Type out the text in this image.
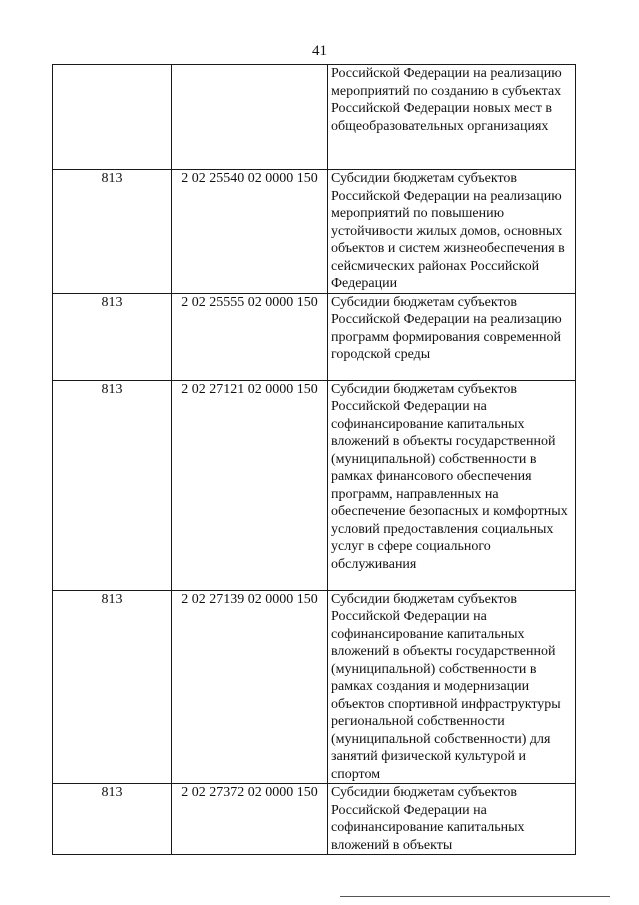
41
		Российской Федерации на реализацию мероприятий по созданию в субъектах Российской Федерации новых мест в общеобразовательных организациях
813	2 02 25540 02 0000 150	Субсидии бюджетам субъектов Российской Федерации на реализацию мероприятий по повышению устойчивости жилых домов, основных объектов и систем жизнеобеспечения в сейсмических районах Российской Федерации
813	2 02 25555 02 0000 150	Субсидии бюджетам субъектов Российской Федерации на реализацию программ формирования современной городской среды
813	2 02 27121 02 0000 150	Субсидии бюджетам субъектов Российской Федерации на софинансирование капитальных вложений в объекты государственной (муниципальной) собственности в рамках финансового обеспечения программ, направленных на обеспечение безопасных и комфортных условий предоставления социальных услуг в сфере социального обслуживания
813	2 02 27139 02 0000 150	Субсидии бюджетам субъектов Российской Федерации на софинансирование капитальных вложений в объекты государственной (муниципальной) собственности в рамках создания и модернизации объектов спортивной инфраструктуры региональной собственности (муниципальной собственности) для занятий физической культурой и спортом
813	2 02 27372 02 0000 150	Субсидии бюджетам субъектов Российской Федерации на софинансирование капитальных вложений в объекты
